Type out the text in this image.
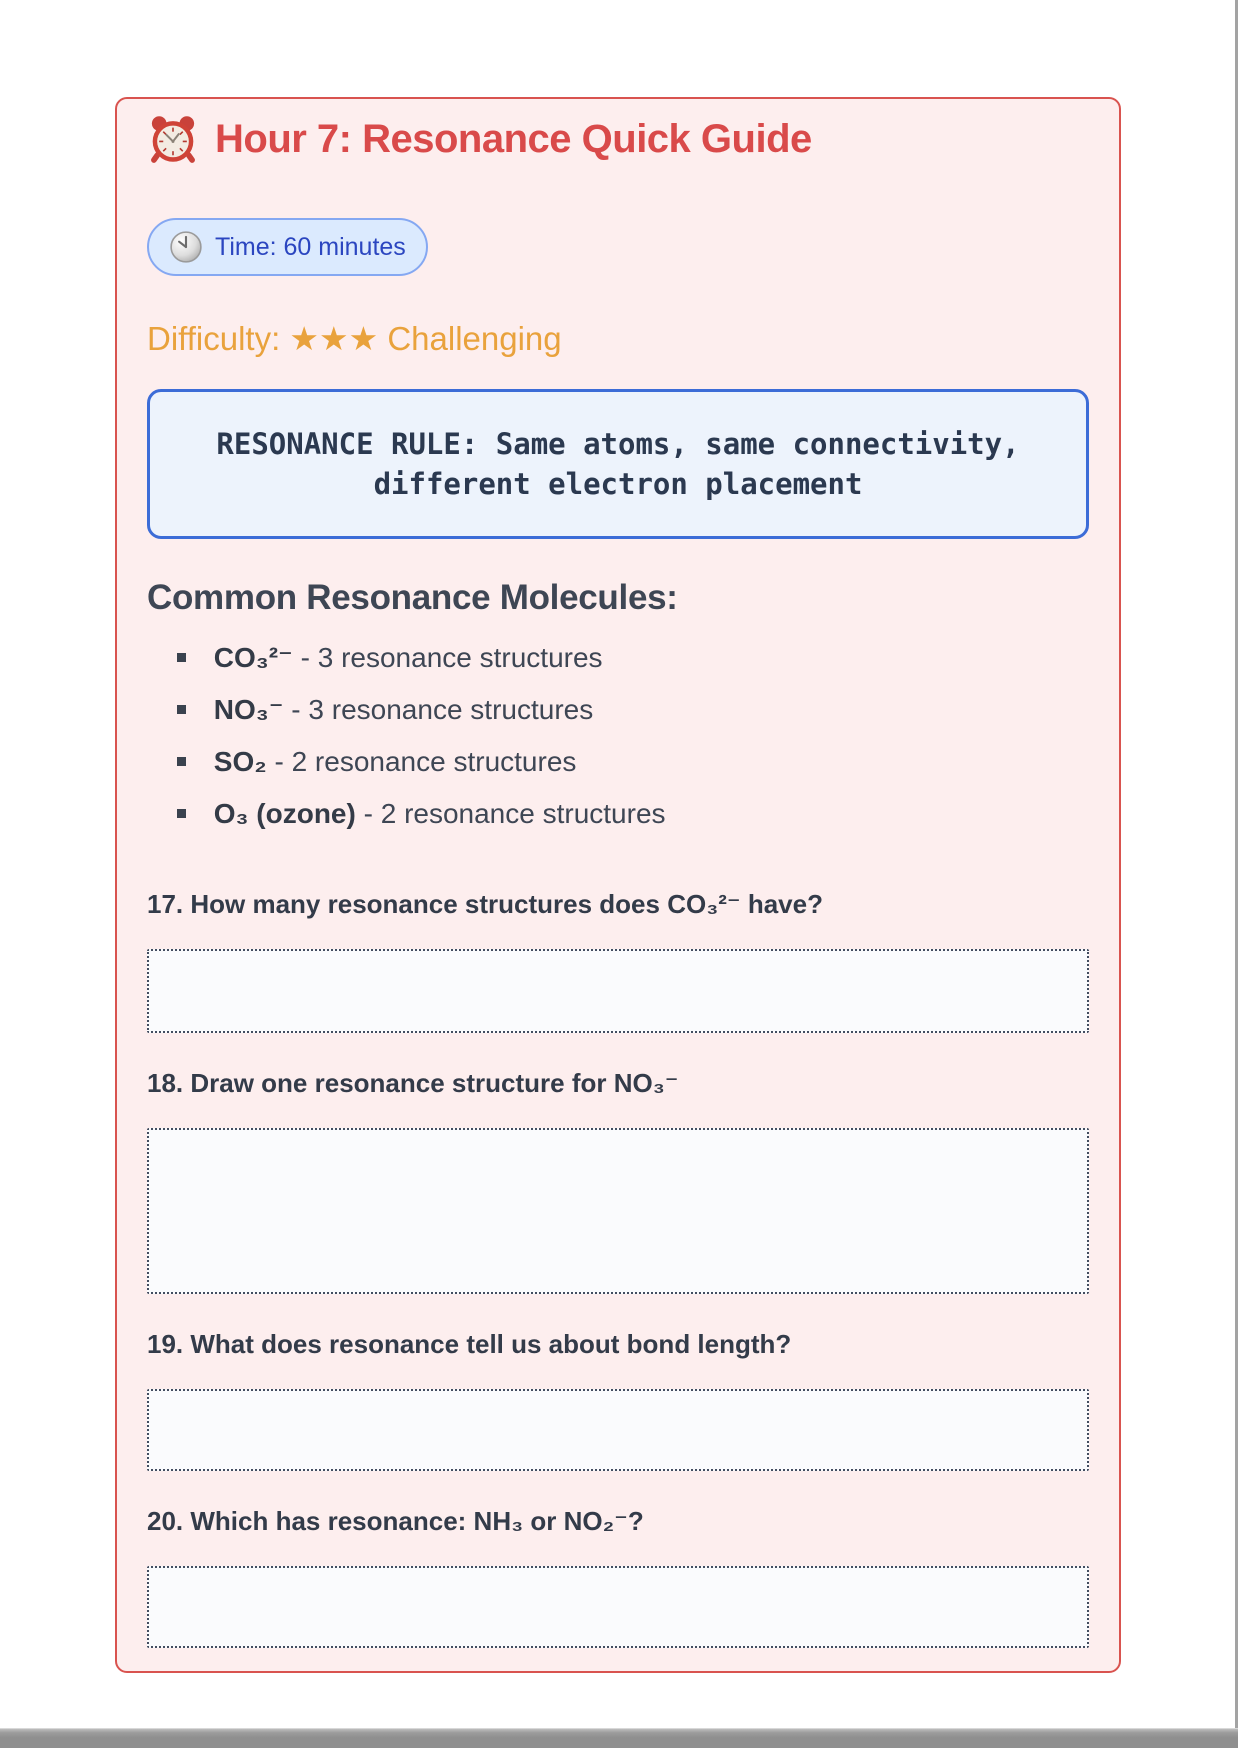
Hour 7: Resonance Quick Guide
Time: 60 minutes
Difficulty: ★★★ Challenging
RESONANCE RULE: Same atoms, same connectivity, different electron placement
Common Resonance Molecules:
CO₃²⁻ - 3 resonance structures
NO₃⁻ - 3 resonance structures
SO₂ - 2 resonance structures
O₃ (ozone) - 2 resonance structures
17. How many resonance structures does CO₃²⁻ have?
18. Draw one resonance structure for NO₃⁻
19. What does resonance tell us about bond length?
20. Which has resonance: NH₃ or NO₂⁻?
